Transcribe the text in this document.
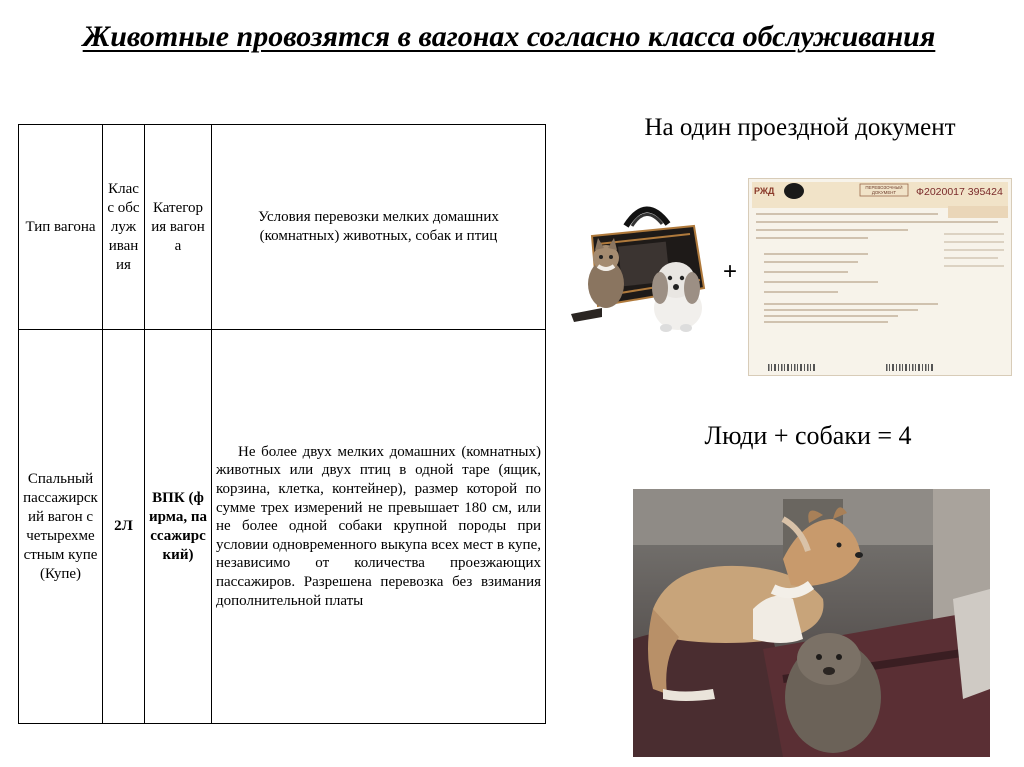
Животные провозятся в вагонах согласно класса обслуживания
Тип вагона	Класс обслуживания	Категория вагона	Условия перевозки мелких домашних (комнатных) животных, собак и птиц
Спальный пассажирский вагон с четырехместным купе (Купе)	2Л	ВПК (фирма, пассажирский)	Не более двух мелких домашних (комнатных) животных или двух птиц в одной таре (ящик, корзина, клетка, контейнер), размер которой по сумме трех измерений не превышает 180 см, или не более одной собаки крупной породы при условии одновременного выкупа всех мест в купе, независимо от количества проезжающих пассажиров. Разрешена перевозка без взимания дополнительной платы
На один проездной документ
+
РЖД	ПЕРЕВОЗОЧНЫЙ ДОКУМЕНТ	Ф2020017 395424
Люди + собаки = 4
